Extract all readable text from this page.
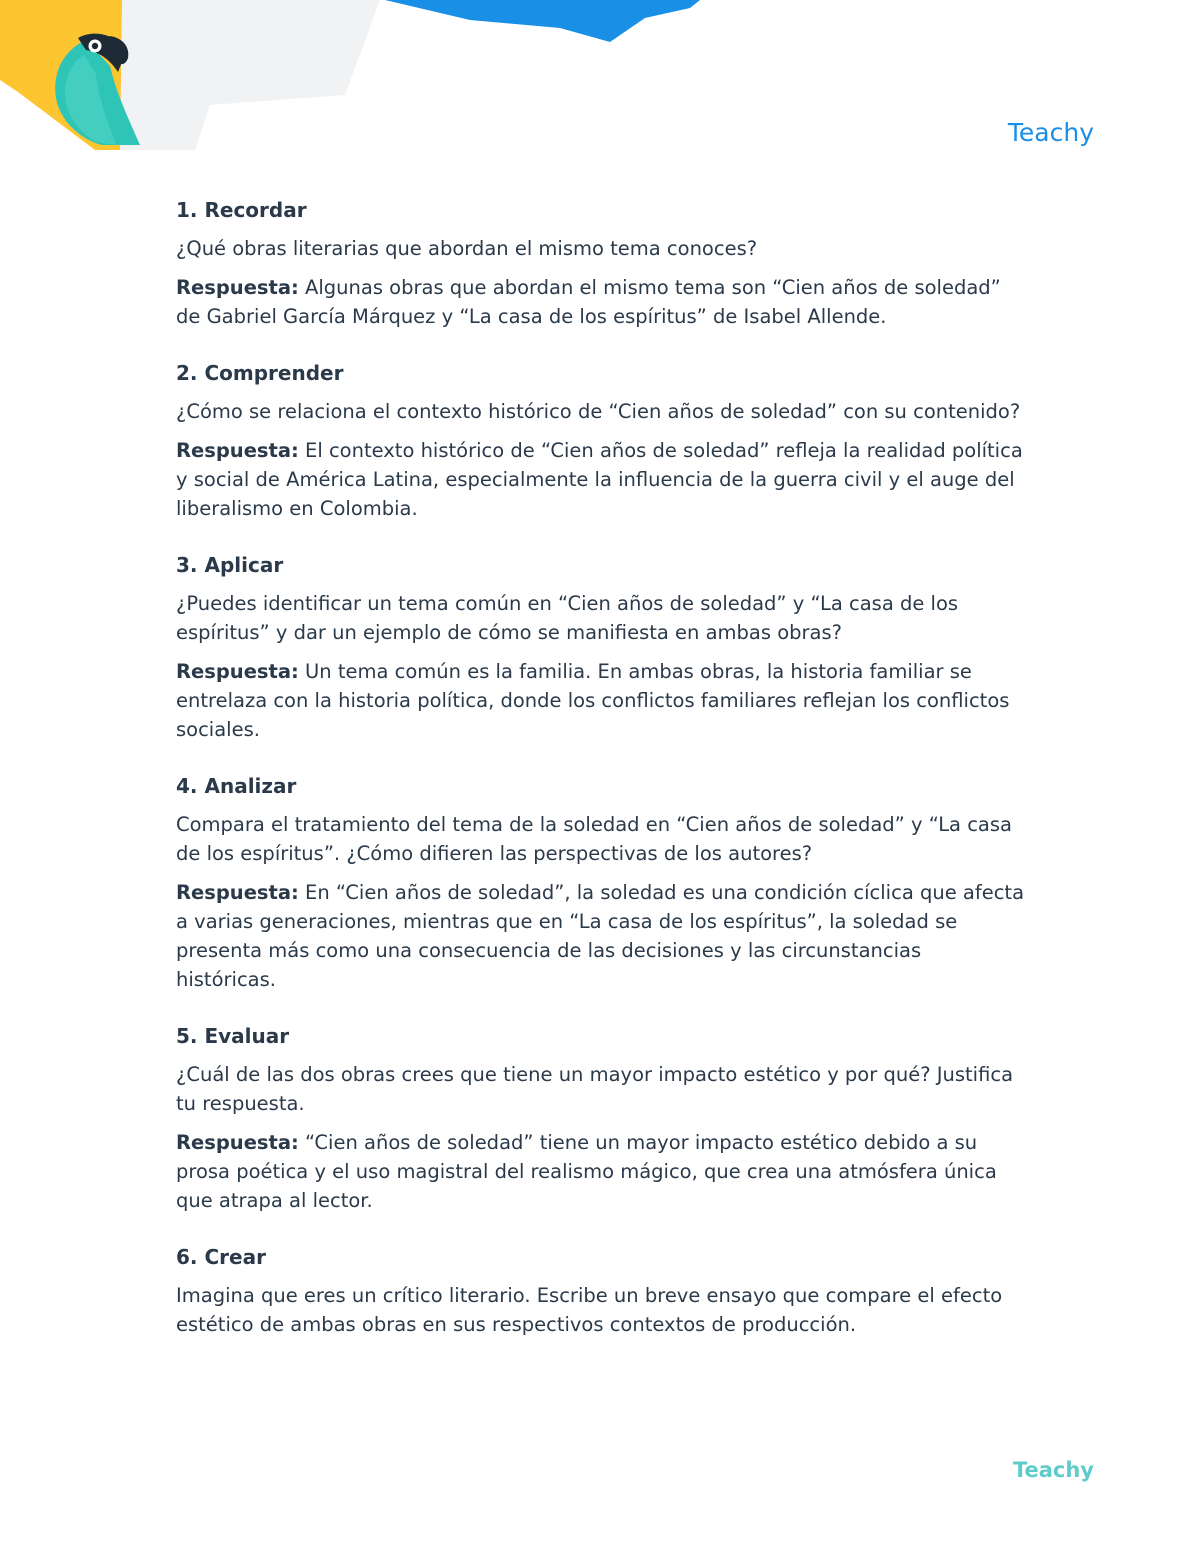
Teachy
1. Recordar

¿Qué obras literarias que abordan el mismo tema conoces?

Respuesta: Algunas obras que abordan el mismo tema son “Cien años de soledad” de Gabriel García Márquez y “La casa de los espíritus” de Isabel Allende.

2. Comprender

¿Cómo se relaciona el contexto histórico de “Cien años de soledad” con su contenido?

Respuesta: El contexto histórico de “Cien años de soledad” refleja la realidad política y social de América Latina, especialmente la influencia de la guerra civil y el auge del liberalismo en Colombia.

3. Aplicar

¿Puedes identificar un tema común en “Cien años de soledad” y “La casa de los espíritus” y dar un ejemplo de cómo se manifiesta en ambas obras?

Respuesta: Un tema común es la familia. En ambas obras, la historia familiar se entrelaza con la historia política, donde los conflictos familiares reflejan los conflictos sociales.

4. Analizar

Compara el tratamiento del tema de la soledad en “Cien años de soledad” y “La casa de los espíritus”. ¿Cómo difieren las perspectivas de los autores?

Respuesta: En “Cien años de soledad”, la soledad es una condición cíclica que afecta a varias generaciones, mientras que en “La casa de los espíritus”, la soledad se presenta más como una consecuencia de las decisiones y las circunstancias históricas.

5. Evaluar

¿Cuál de las dos obras crees que tiene un mayor impacto estético y por qué? Justifica tu respuesta.

Respuesta: “Cien años de soledad” tiene un mayor impacto estético debido a su prosa poética y el uso magistral del realismo mágico, que crea una atmósfera única que atrapa al lector.

6. Crear

Imagina que eres un crítico literario. Escribe un breve ensayo que compare el efecto estético de ambas obras en sus respectivos contextos de producción.

Teachy
